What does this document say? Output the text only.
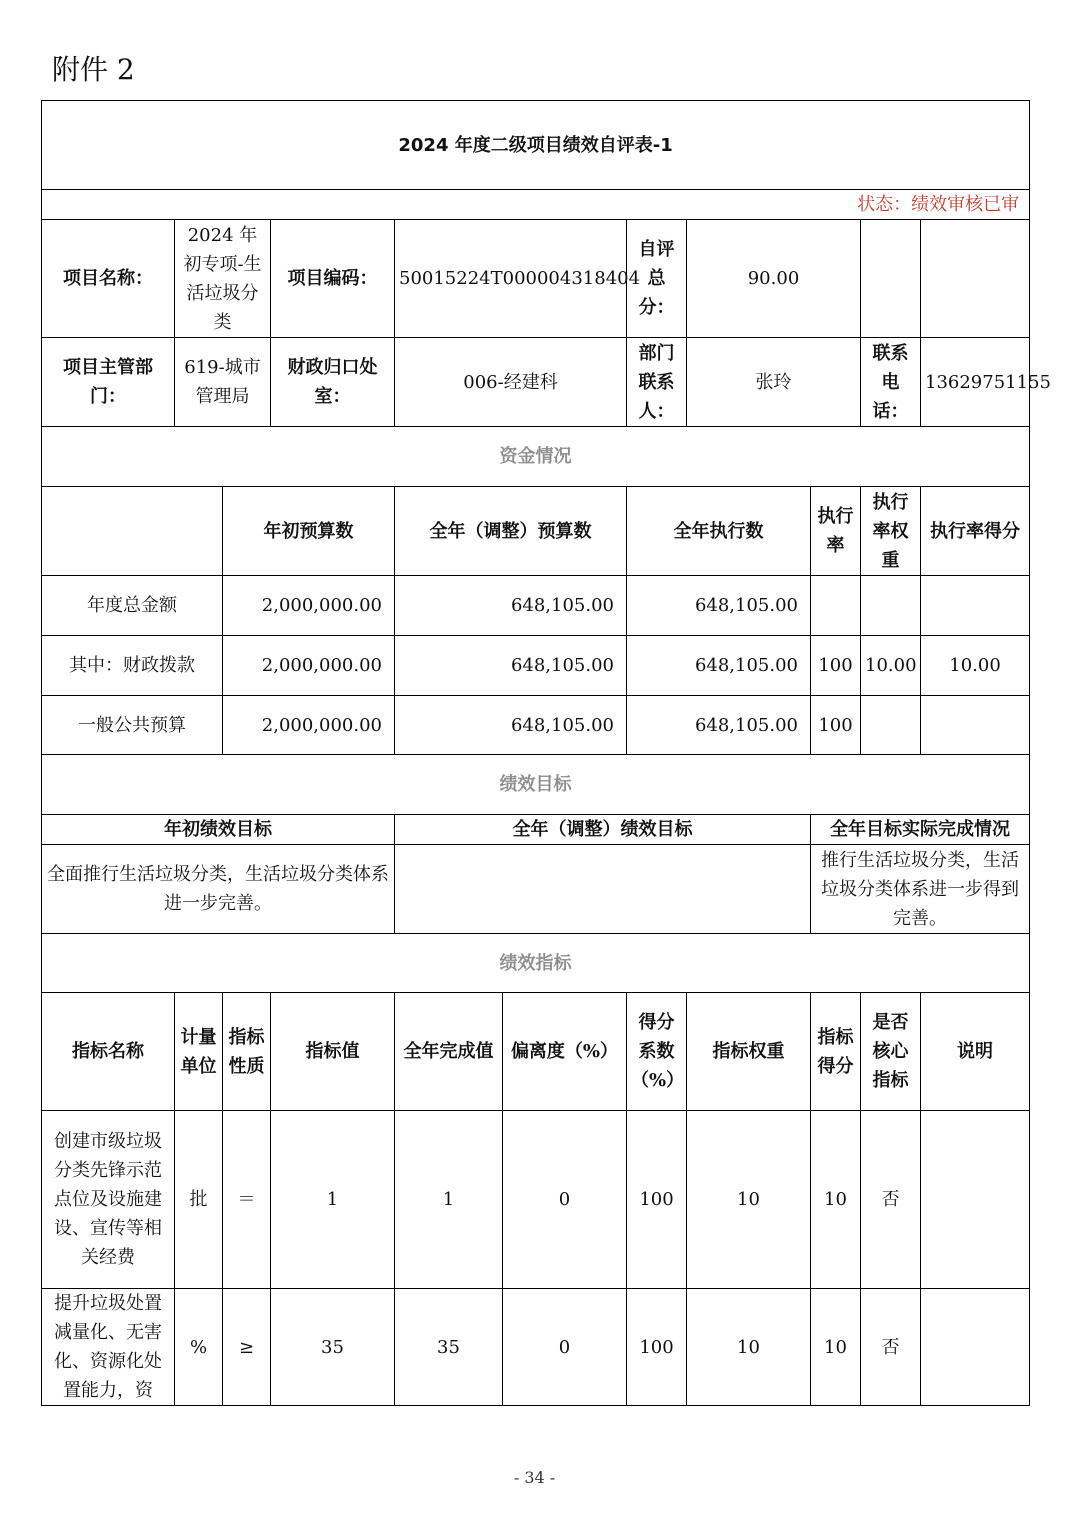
附件 2
2024 年度二级项目绩效自评表-1										
状态：绩效审核已审										
项目名称：	2024 年初专项-生活垃圾分类		项目编码：	50015224T000004318404		自评总分：	90.00			
项目主管部门：	619-城市管理局		财政归口处室：	006-经建科		部门联系人：	张玲		联系电话：	13629751155
资金情况										
		年初预算数		全年（调整）预算数		全年执行数		执行率	执行率权重	执行率得分
年度总金额		2,000,000.00		648,105.00		648,105.00				
其中：财政拨款		2,000,000.00		648,105.00		648,105.00		100	10.00	10.00
一般公共预算		2,000,000.00		648,105.00		648,105.00		100		
绩效目标										
年初绩效目标				全年（调整）绩效目标				全年目标实际完成情况		
全面推行生活垃圾分类，生活垃圾分类体系进一步完善。								推行生活垃圾分类，生活垃圾分类体系进一步得到完善。		
绩效指标										
指标名称	计量单位	指标性质	指标值	全年完成值	偏离度（%）	得分系数（%）	指标权重	指标得分	是否核心指标	说明
创建市级垃圾分类先锋示范点位及设施建设、宣传等相关经费	批	＝	1	1	0	100	10	10	否	
提升垃圾处置减量化、无害化、资源化处置能力，资	%	≥	35	35	0	100	10	10	否	
- 34 -
